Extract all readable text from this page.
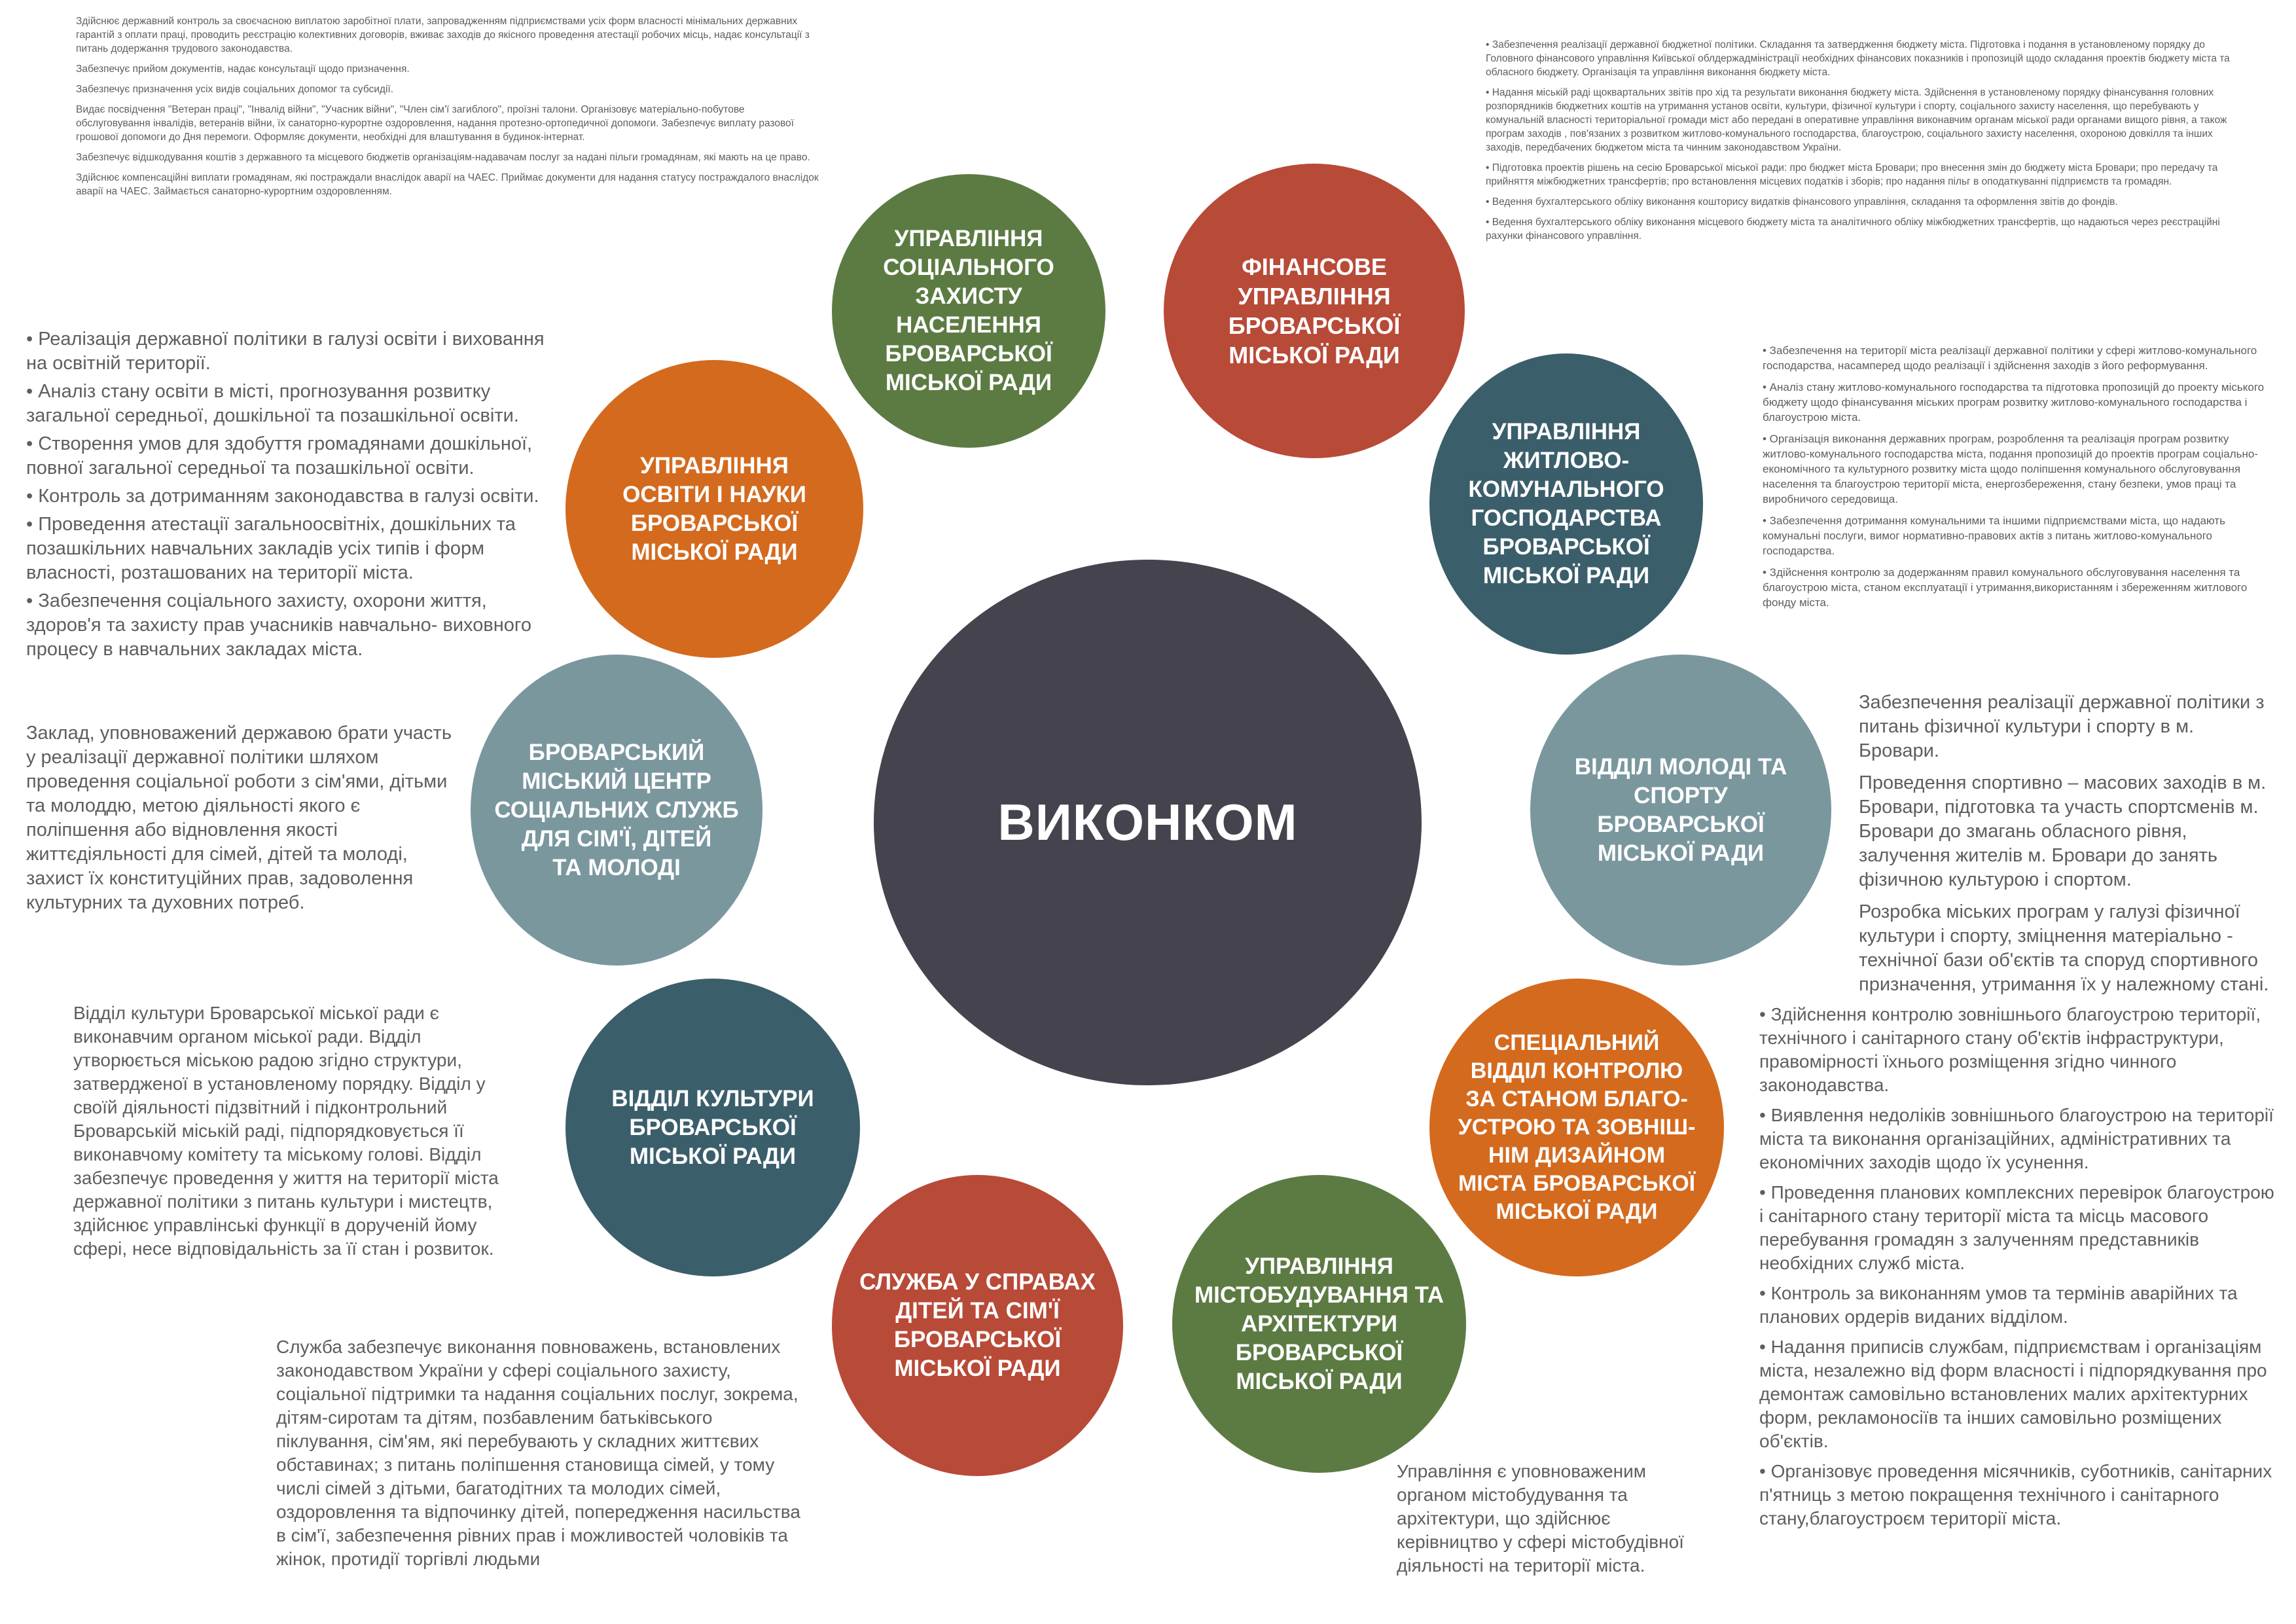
ВИКОНКОМ
УПРАВЛІННЯ
СОЦІАЛЬНОГО
ЗАХИСТУ
НАСЕЛЕННЯ
БРОВАРСЬКОЇ
МІСЬКОЇ РАДИ
ФІНАНСОВЕ
УПРАВЛІННЯ
БРОВАРСЬКОЇ
МІСЬКОЇ РАДИ
УПРАВЛІННЯ
ЖИТЛОВО-
КОМУНАЛЬНОГО
ГОСПОДАРСТВА
БРОВАРСЬКОЇ
МІСЬКОЇ РАДИ
ВІДДІЛ МОЛОДІ ТА
СПОРТУ
БРОВАРСЬКОЇ
МІСЬКОЇ РАДИ
СПЕЦІАЛЬНИЙ
ВІДДІЛ КОНТРОЛЮ
ЗА СТАНОМ БЛАГО-
УСТРОЮ ТА ЗОВНІШ-
НІМ ДИЗАЙНОМ
МІСТА БРОВАРСЬКОЇ
МІСЬКОЇ РАДИ
УПРАВЛІННЯ
МІСТОБУДУВАННЯ ТА
АРХІТЕКТУРИ
БРОВАРСЬКОЇ
МІСЬКОЇ РАДИ
СЛУЖБА У СПРАВАХ
ДІТЕЙ ТА СІМ'Ї
БРОВАРСЬКОЇ
МІСЬКОЇ РАДИ
ВІДДІЛ КУЛЬТУРИ
БРОВАРСЬКОЇ
МІСЬКОЇ РАДИ
БРОВАРСЬКИЙ
МІСЬКИЙ ЦЕНТР
СОЦІАЛЬНИХ СЛУЖБ
ДЛЯ СІМ'Ї, ДІТЕЙ
ТА МОЛОДІ
УПРАВЛІННЯ
ОСВІТИ І НАУКИ
БРОВАРСЬКОЇ
МІСЬКОЇ РАДИ

Здійснює державний контроль за своєчасною виплатою заробітної плати, запровадженням підприємствами усіх форм власності мінімальних державних гарантій з оплати праці, проводить реєстрацію колективних договорів, вживає заходів до якісного проведення атестації робочих місць, надає консультації з питань додержання трудового законодавства.

Забезпечує прийом документів, надає консультації щодо призначення.

Забезпечує призначення усіх видів соціальних допомог та субсидії.

Видає посвідчення "Ветеран праці", "Інвалід війни", "Учасник війни", "Член сім'ї загиблого", проїзні талони. Організовує матеріально-побутове обслуговування інвалідів, ветеранів війни, їх санаторно-курортне оздоровлення, надання протезно-ортопедичної допомоги. Забезпечує виплату разової грошової допомоги до Дня перемоги. Оформляє документи, необхідні для влаштування в будинок-інтернат.

Забезпечує відшкодування коштів з державного та місцевого бюджетів організаціям-надавачам послуг за надані пільги громадянам, які мають на це право.

Здійснює компенсаційні виплати громадянам, які постраждали внаслідок аварії на ЧАЕС. Приймає документи для надання статусу постраждалого внаслідок аварії на ЧАЕС. Займається санаторно-курортним оздоровленням.

• Забезпечення реалізації державної бюджетної політики. Складання та затвердження бюджету міста. Підготовка і подання в установленому порядку до Головного фінансового управління Київської облдержадміністрації необхідних фінансових показників і пропозицій щодо складання проектів бюджету міста та обласного бюджету. Організація та управління виконання бюджету міста.
• Надання міській раді щоквартальних звітів про хід та результати виконання бюджету міста. Здійснення в установленому порядку фінансування головних розпорядників бюджетних коштів на утримання установ освіти, культури, фізичної культури і спорту, соціального захисту населення, що перебувають у комунальній власності територіальної громади міст або передані в оперативне управління виконавчим органам міської ради органами вищого рівня, а також програм заходів , пов'язаних з розвитком житлово-комунального господарства, благоустрою, соціального захисту населення, охороною довкілля та інших заходів, передбачених бюджетом міста та чинним законодавством України.
• Підготовка проектів рішень на сесію Броварської міської ради: про бюджет міста Бровари; про внесення змін до бюджету міста Бровари; про передачу та прийняття міжбюджетних трансфертів; про встановлення місцевих податків і зборів; про надання пільг в оподаткуванні підприємств та громадян.
• Ведення бухгалтерського обліку виконання кошторису видатків фінансового управління, складання та оформлення звітів до фондів.
• Ведення бухгалтерського обліку виконання місцевого бюджету міста та аналітичного обліку міжбюджетних трансфертів, що надаються через реєстраційні рахунки фінансового управління.
• Забезпечення на території міста реалізації державної політики у сфері житлово-комунального господарства, насамперед щодо реалізації і здійснення заходів з його реформування.
• Аналіз стану житлово-комунального господарства та підготовка пропозицій до проекту міського бюджету щодо фінансування міських програм розвитку житлово-комунального господарства і благоустрою міста.
• Організація виконання державних програм, розроблення та реалізація програм розвитку житлово-комунального господарства міста, подання пропозицій до проектів програм соціально-економічного та культурного розвитку міста щодо поліпшення комунального обслуговування населення та благоустрою території міста, енергозбереження, стану безпеки, умов праці та виробничого середовища.
• Забезпечення дотримання комунальними та іншими підприємствами міста, що надають комунальні послуги, вимог нормативно-правових актів з питань житлово-комунального господарства.
• Здійснення контролю за додержанням правил комунального обслуговування населення та благоустрою міста, станом експлуатації і утримання,використанням і збереженням житлового фонду міста.

Забезпечення реалізації державної політики з питань фізичної культури і спорту в м. Бровари.

Проведення спортивно – масових заходів в м. Бровари, підготовка та участь спортсменів м. Бровари до змагань обласного рівня, залучення жителів м. Бровари до занять фізичною культурою і спортом.

Розробка міських програм у галузі фізичної культури і спорту, зміцнення матеріально - технічної бази об'єктів та споруд спортивного призначення, утримання їх у належному стані.

• Здійснення контролю зовнішнього благоустрою території, технічного і санітарного стану об'єктів інфраструктури, правомірності їхнього розміщення згідно чинного законодавства.
• Виявлення недоліків зовнішнього благоустрою на території міста та виконання організаційних, адміністративних та економічних заходів щодо їх усунення.
• Проведення планових комплексних перевірок благоустрою і санітарного стану території міста та місць масового перебування громадян з залученням представників необхідних служб міста.
• Контроль за виконанням умов та термінів аварійних та планових ордерів виданих відділом.
• Надання приписів службам, підприємствам і організаціям міста, незалежно від форм власності і підпорядкування про демонтаж самовільно встановлених малих архітектурних форм, рекламоносіїв та інших самовільно розміщених об'єктів.
• Організовує проведення місячників, суботників, санітарних п'ятниць з метою покращення технічного і санітарного стану,благоустроєм території міста.

Управління є уповноваженим органом містобудування та архітектури, що здійснює керівництво у сфері містобудівної діяльності на території міста.

Служба забезпечує виконання повноважень, встановлених законодавством України у сфері соціального захисту, соціальної підтримки та надання соціальних послуг, зокрема, дітям-сиротам та дітям, позбавленим батьківського піклування, сім'ям, які перебувають у складних життєвих обставинах; з питань поліпшення становища сімей, у тому числі сімей з дітьми, багатодітних та молодих сімей, оздоровлення та відпочинку дітей, попередження насильства в сім'ї, забезпечення рівних прав і можливостей чоловіків та жінок, протидії торгівлі людьми

Відділ культури Броварської міської ради є виконавчим органом міської ради. Відділ утворюється міською радою згідно структури, затвердженої в установленому порядку. Відділ у своїй діяльності підзвітний і підконтрольний Броварській міській раді, підпорядковується її виконавчому комітету та міському голові. Відділ забезпечує проведення у життя на території міста державної політики з питань культури і мистецтв, здійснює управлінські функції в дорученій йому сфері, несе відповідальність за її стан і розвиток.

Заклад, уповноважений державою брати участь у реалізації державної політики шляхом проведення соціальної роботи з сім'ями, дітьми та молоддю, метою діяльності якого є поліпшення або відновлення якості життєдіяльності для сімей, дітей та молоді, захист їх конституційних прав, задоволення культурних та духовних потреб.

• Реалізація державної політики в галузі освіти і виховання на освітній території.
• Аналіз стану освіти в місті, прогнозування розвитку загальної середньої, дошкільної та позашкільної освіти.
• Створення умов для здобуття громадянами дошкільної, повної загальної середньої та позашкільної освіти.
• Контроль за дотриманням законодавства в галузі освіти.
• Проведення атестації загальноосвітніх, дошкільних та позашкільних навчальних закладів усіх типів і форм власності, розташованих на території міста.
• Забезпечення соціального захисту, охорони життя, здоров'я та захисту прав учасників навчально- виховного процесу в навчальних закладах міста.
